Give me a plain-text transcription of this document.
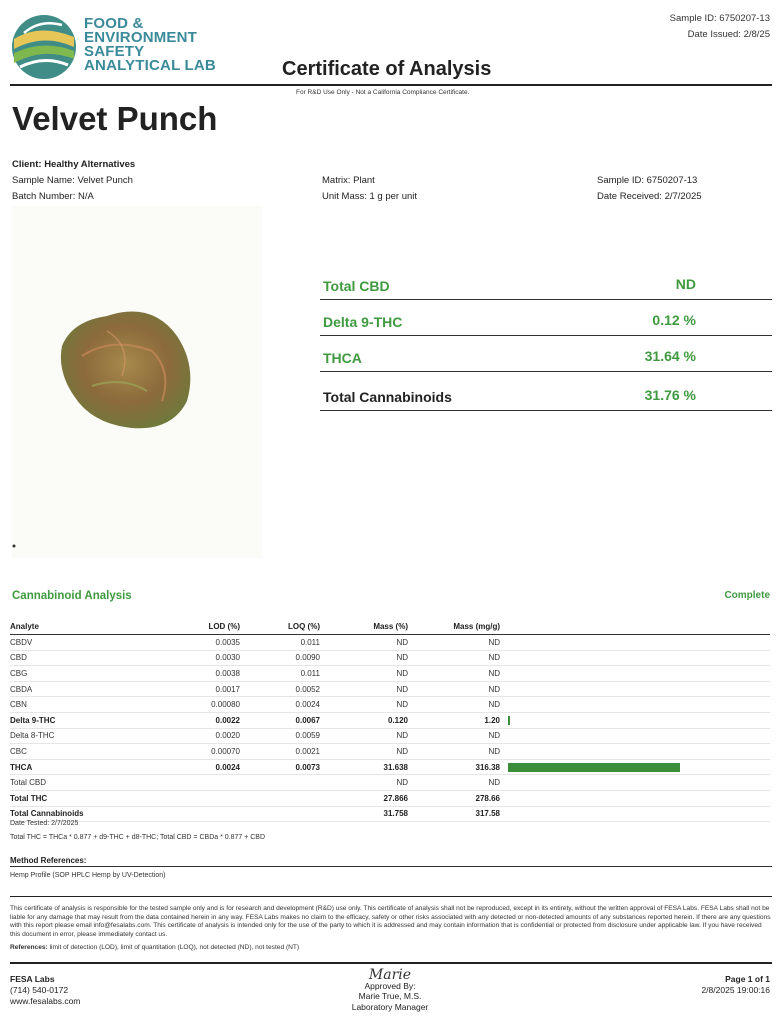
FOOD &
ENVIRONMENT
SAFETY
ANALYTICAL LAB
Sample ID: 6750207-13
Date Issued: 2/8/25
Certificate of Analysis
For R&D Use Only - Not a California Compliance Certificate.
Velvet Punch
Client: Healthy Alternatives
Sample Name: Velvet Punch
Batch Number: N/A
Matrix: Plant
Unit Mass: 1 g per unit
Sample ID: 6750207-13
Date Received: 2/7/2025
Total CBD	ND
Delta 9-THC	0.12 %
THCA	31.64 %
Total Cannabinoids	31.76 %
Cannabinoid Analysis	Complete
Analyte	LOD (%)	LOQ (%)	Mass (%)	Mass (mg/g)	
CBDV	0.0035	0.011	ND	ND	
CBD	0.0030	0.0090	ND	ND	
CBG	0.0038	0.011	ND	ND	
CBDA	0.0017	0.0052	ND	ND	
CBN	0.00080	0.0024	ND	ND	
Delta 9-THC	0.0022	0.0067	0.120	1.20	

Delta 8-THC	0.0020	0.0059	ND	ND	
CBC	0.00070	0.0021	ND	ND	
THCA	0.0024	0.0073	31.638	316.38	

Total CBD			ND	ND	
Total THC			27.866	278.66	
Total Cannabinoids			31.758	317.58	
Date Tested: 2/7/2025
Total THC = THCa * 0.877 + d9-THC + d8-THC; Total CBD = CBDa * 0.877 + CBD
Method References:
Hemp Profile (SOP HPLC Hemp by UV-Detection)
This certificate of analysis is responsible for the tested sample only and is for research and development (R&D) use only. This certificate of analysis shall not be reproduced, except in its entirety, without the written approval of FESA Labs. FESA Labs shall not be liable for any damage that may result from the data contained herein in any way. FESA Labs makes no claim to the efficacy, safety or other risks associated with any detected or non-detected amounts of any substances reported herein. If there are any questions with this report please email info@fesalabs.com. This certificate of analysis is intended only for the use of the party to which it is addressed and may contain information that is confidential or protected from disclosure under applicable law. If you have received this document in error, please immediately contact us.
References: limit of detection (LOD), limit of quantitation (LOQ), not detected (ND), not tested (NT)
FESA Labs
(714) 540-0172
www.fesalabs.com
Marie
Approved By:
Marie True, M.S.
Laboratory Manager
Page 1 of 1
2/8/2025 19:00:16
